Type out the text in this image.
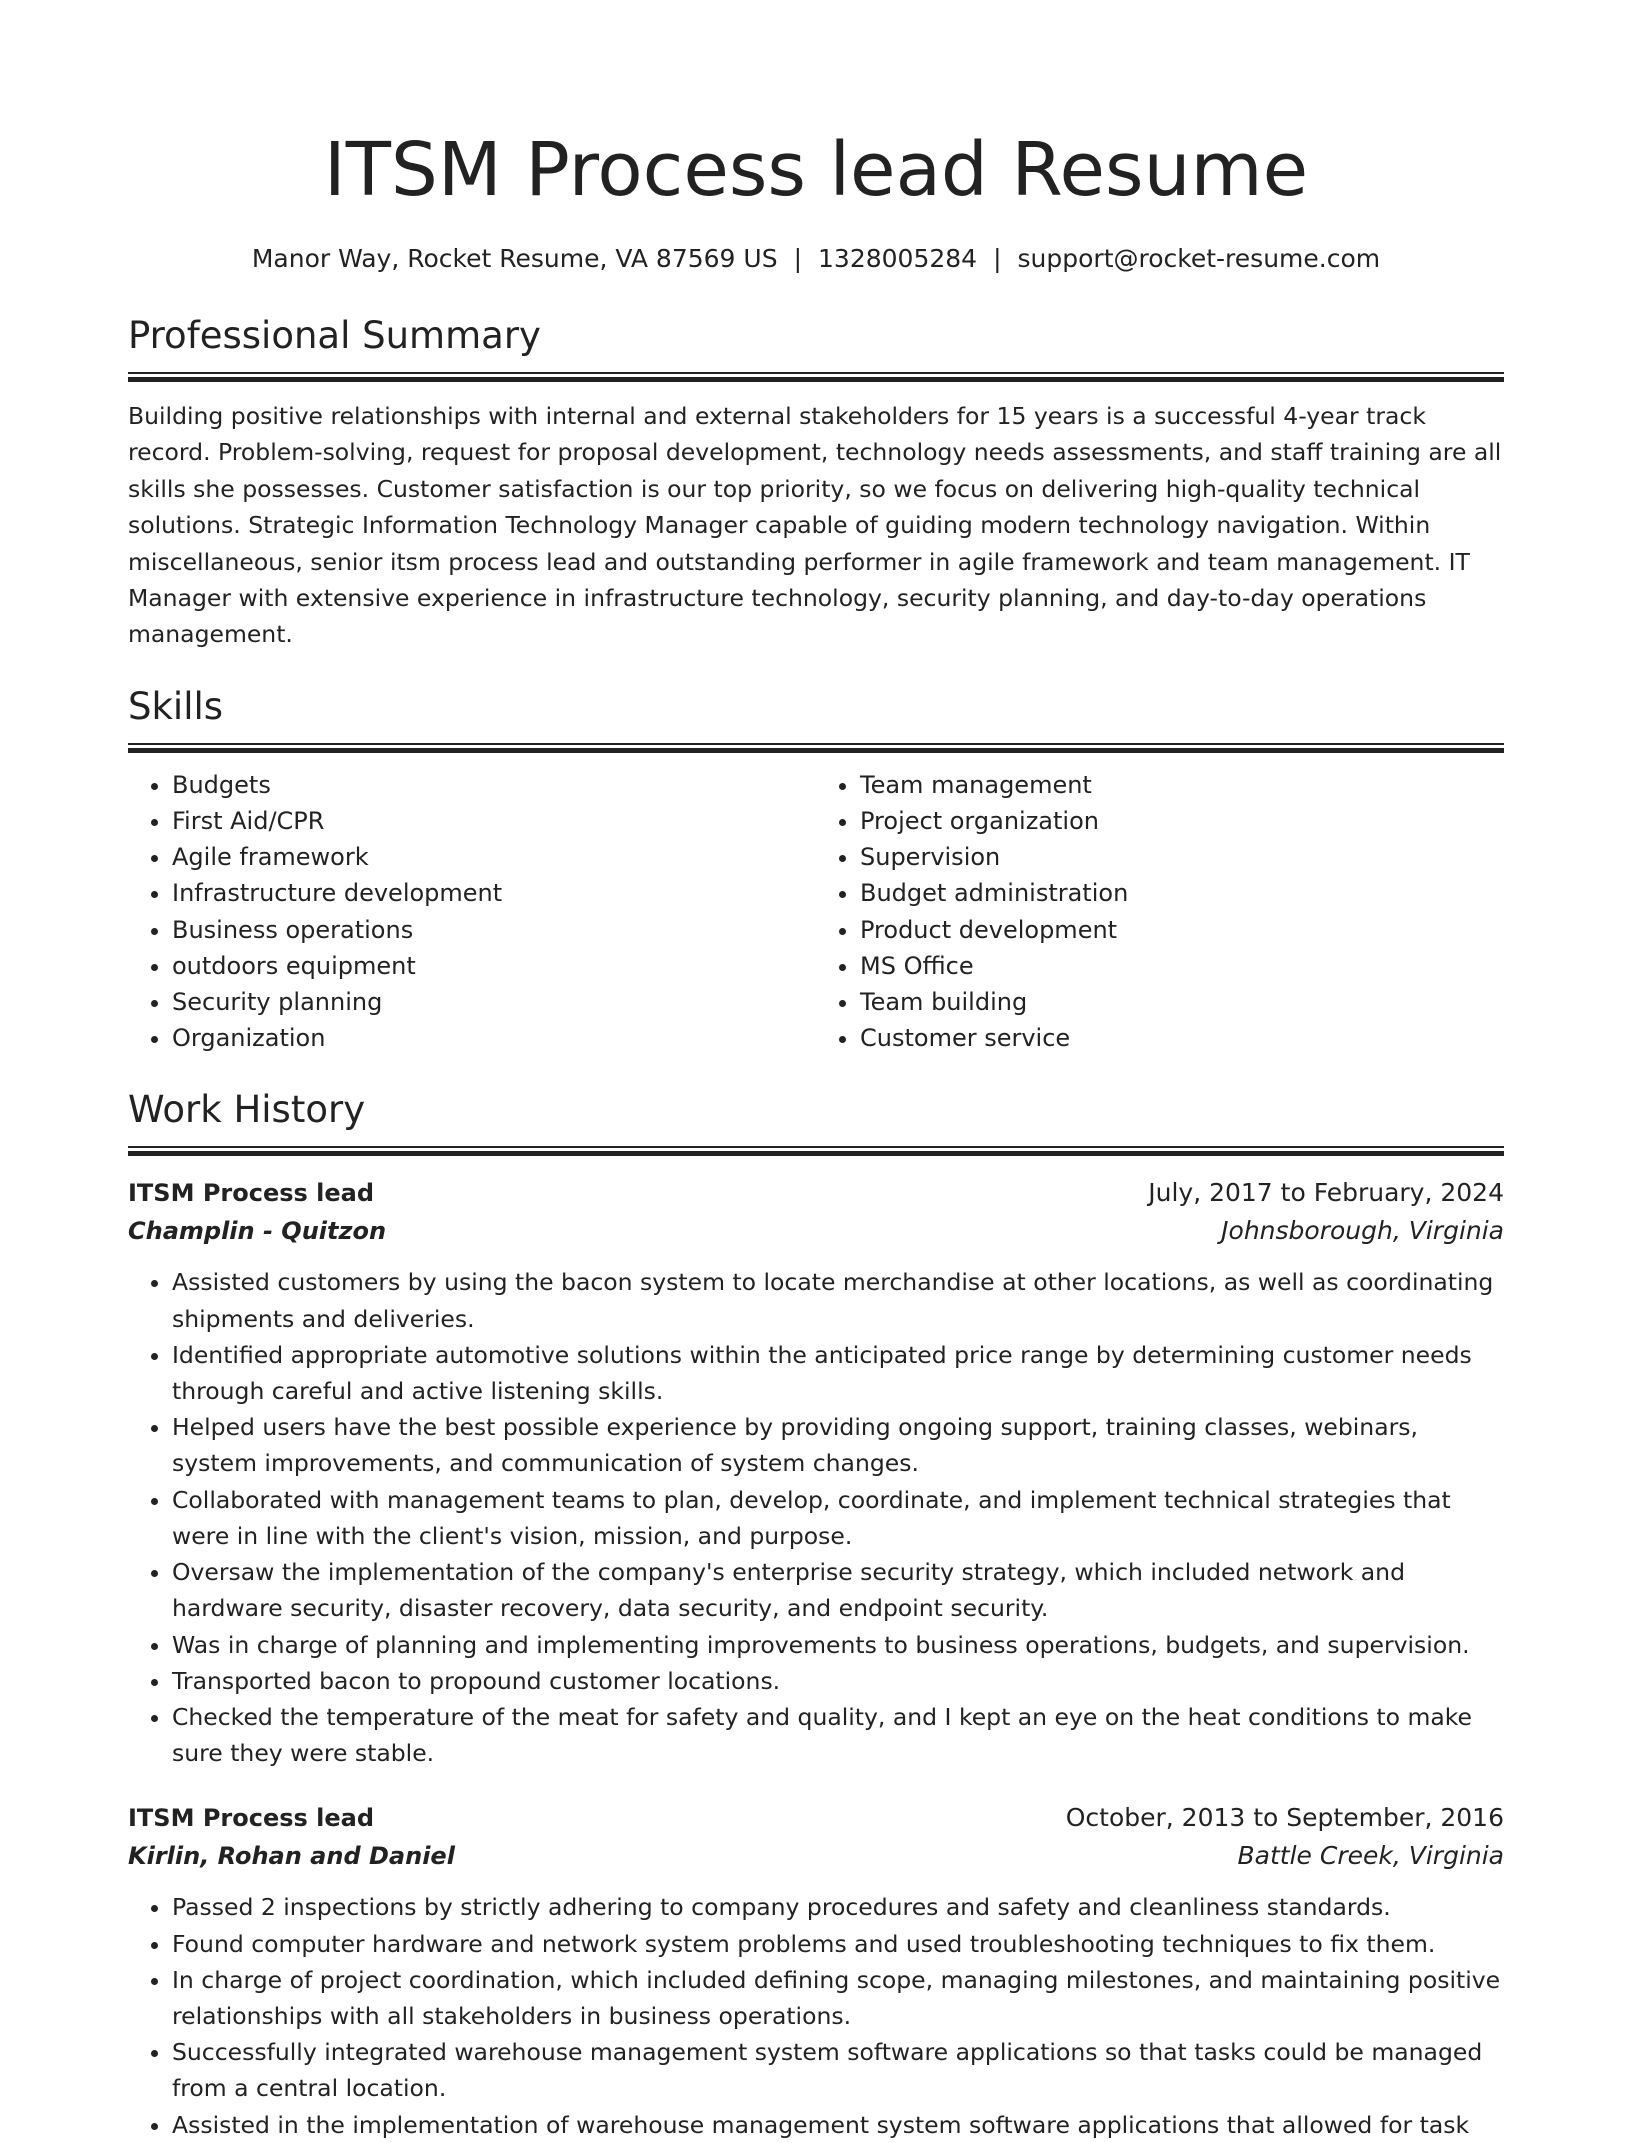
ITSM Process lead Resume
Manor Way, Rocket Resume, VA 87569 US | 1328005284 | support@rocket-resume.com
Professional Summary

Building positive relationships with internal and external stakeholders for 15 years is a successful 4-year track record. Problem-solving, request for proposal development, technology needs assessments, and staff training are all skills she possesses. Customer satisfaction is our top priority, so we focus on delivering high-quality technical solutions. Strategic Information Technology Manager capable of guiding modern technology navigation. Within miscellaneous, senior itsm process lead and outstanding performer in agile framework and team management. IT Manager with extensive experience in infrastructure technology, security planning, and day-to-day operations management.

Skills
• Budgets
• First Aid/CPR
• Agile framework
• Infrastructure development
• Business operations
• outdoors equipment
• Security planning
• Organization
• Team management
• Project organization
• Supervision
• Budget administration
• Product development
• MS Office
• Team building
• Customer service
Work History
ITSM Process lead	July, 2017 to February, 2024
Champlin - Quitzon	Johnsborough, Virginia
• Assisted customers by using the bacon system to locate merchandise at other locations, as well as coordinating shipments and deliveries.
• Identified appropriate automotive solutions within the anticipated price range by determining customer needs through careful and active listening skills.
• Helped users have the best possible experience by providing ongoing support, training classes, webinars, system improvements, and communication of system changes.
• Collaborated with management teams to plan, develop, coordinate, and implement technical strategies that were in line with the client's vision, mission, and purpose.
• Oversaw the implementation of the company's enterprise security strategy, which included network and hardware security, disaster recovery, data security, and endpoint security.
• Was in charge of planning and implementing improvements to business operations, budgets, and supervision.
• Transported bacon to propound customer locations.
• Checked the temperature of the meat for safety and quality, and I kept an eye on the heat conditions to make sure they were stable.
ITSM Process lead	October, 2013 to September, 2016
Kirlin, Rohan and Daniel	Battle Creek, Virginia
• Passed 2 inspections by strictly adhering to company procedures and safety and cleanliness standards.
• Found computer hardware and network system problems and used troubleshooting techniques to fix them.
• In charge of project coordination, which included defining scope, managing milestones, and maintaining positive relationships with all stakeholders in business operations.
• Successfully integrated warehouse management system software applications so that tasks could be managed from a central location.
• Assisted in the implementation of warehouse management system software applications that allowed for task
